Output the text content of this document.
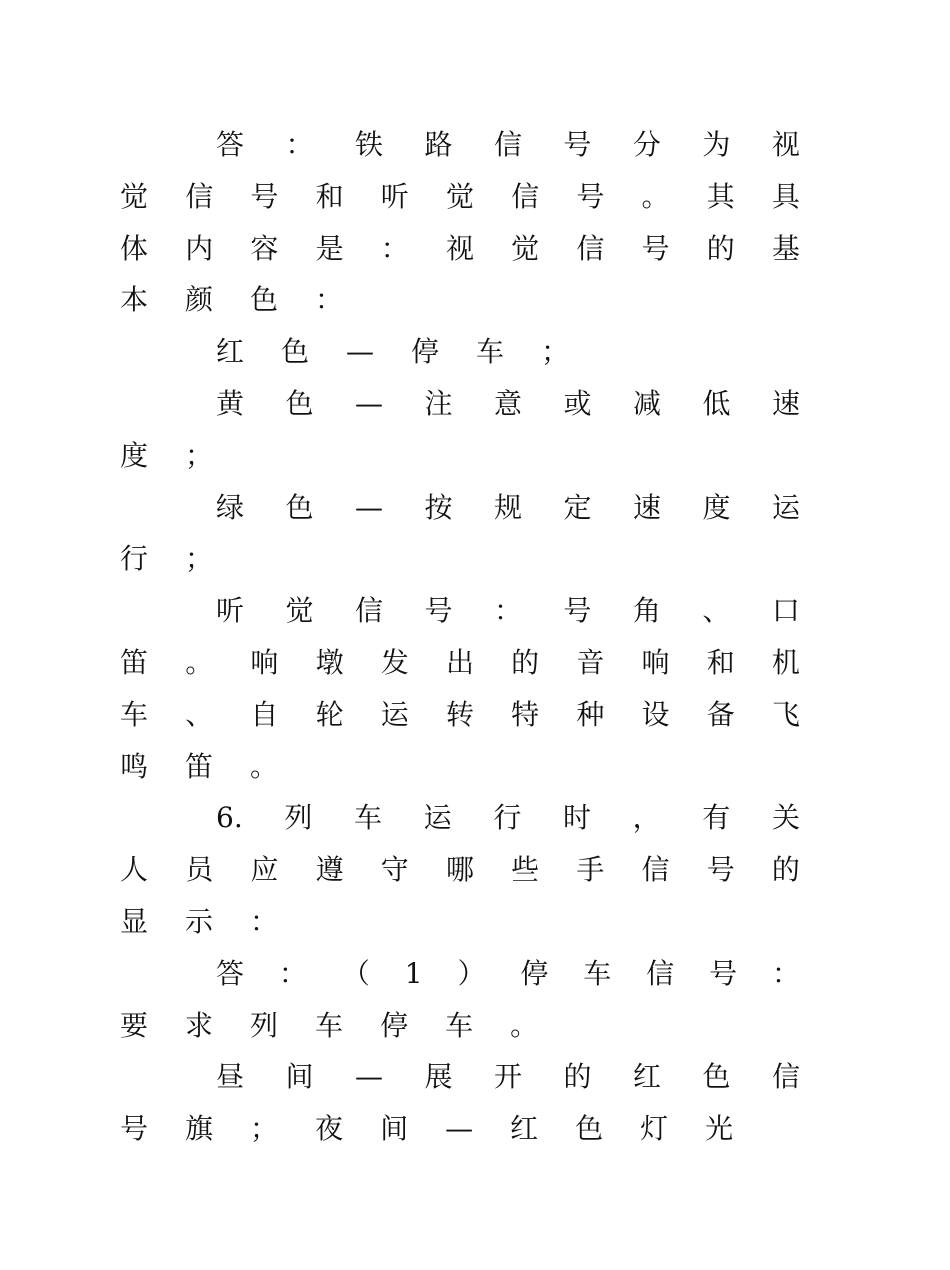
答 ： 铁 路 信 号 分 为 视
觉 信 号 和 听 觉 信 号 。 其 具
体 内 容 是 ： 视 觉 信 号 的 基
本 颜 色 ：
红 色 — 停 车 ；
黄 色 — 注 意 或 减 低 速
度 ；
绿 色 — 按 规 定 速 度 运
行 ；
听 觉 信 号 ： 号 角 、 口
笛 。 响 墩 发 出 的 音 响 和 机
车 、 自 轮 运 转 特 种 设 备 飞
鸣 笛 。
6. 列 车 运 行 时 ， 有 关
人 员 应 遵 守 哪 些 手 信 号 的
显 示 ：
答 ： （ 1 ） 停 车 信 号 ：
要 求 列 车 停 车 。
昼 间 — 展 开 的 红 色 信
号 旗 ； 夜 间 — 红 色 灯 光
